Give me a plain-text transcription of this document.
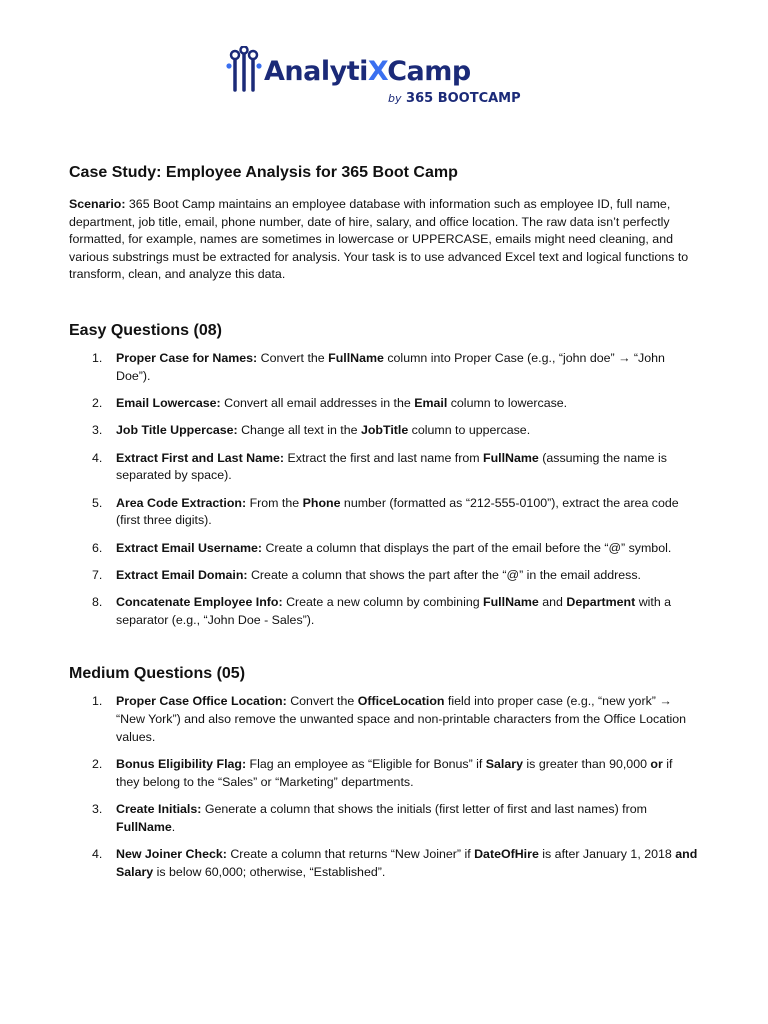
AnalytiXCamp
by 365 BOOTCAMP
Case Study: Employee Analysis for 365 Boot Camp

Scenario: 365 Boot Camp maintains an employee database with information such as employee ID, full name, department, job title, email, phone number, date of hire, salary, and office location. The raw data isn’t perfectly formatted, for example, names are sometimes in lowercase or UPPERCASE, emails might need cleaning, and various substrings must be extracted for analysis. Your task is to use advanced Excel text and logical functions to transform, clean, and analyze this data.

Easy Questions (08)
1. Proper Case for Names: Convert the FullName column into Proper Case (e.g., “john doe” → “John Doe”).
2. Email Lowercase: Convert all email addresses in the Email column to lowercase.
3. Job Title Uppercase: Change all text in the JobTitle column to uppercase.
4. Extract First and Last Name: Extract the first and last name from FullName (assuming the name is separated by space).
5. Area Code Extraction: From the Phone number (formatted as “212-555-0100”), extract the area code (first three digits).
6. Extract Email Username: Create a column that displays the part of the email before the “@” symbol.
7. Extract Email Domain: Create a column that shows the part after the “@” in the email address.
8. Concatenate Employee Info: Create a new column by combining FullName and Department with a separator (e.g., “John Doe - Sales”).
Medium Questions (05)
1. Proper Case Office Location: Convert the OfficeLocation field into proper case (e.g., “new york” → “New York”) and also remove the unwanted space and non-printable characters from the Office Location values.
2. Bonus Eligibility Flag: Flag an employee as “Eligible for Bonus” if Salary is greater than 90,000 or if they belong to the “Sales” or “Marketing” departments.
3. Create Initials: Generate a column that shows the initials (first letter of first and last names) from FullName.
4. New Joiner Check: Create a column that returns “New Joiner” if DateOfHire is after January 1, 2018 and Salary is below 60,000; otherwise, “Established”.
